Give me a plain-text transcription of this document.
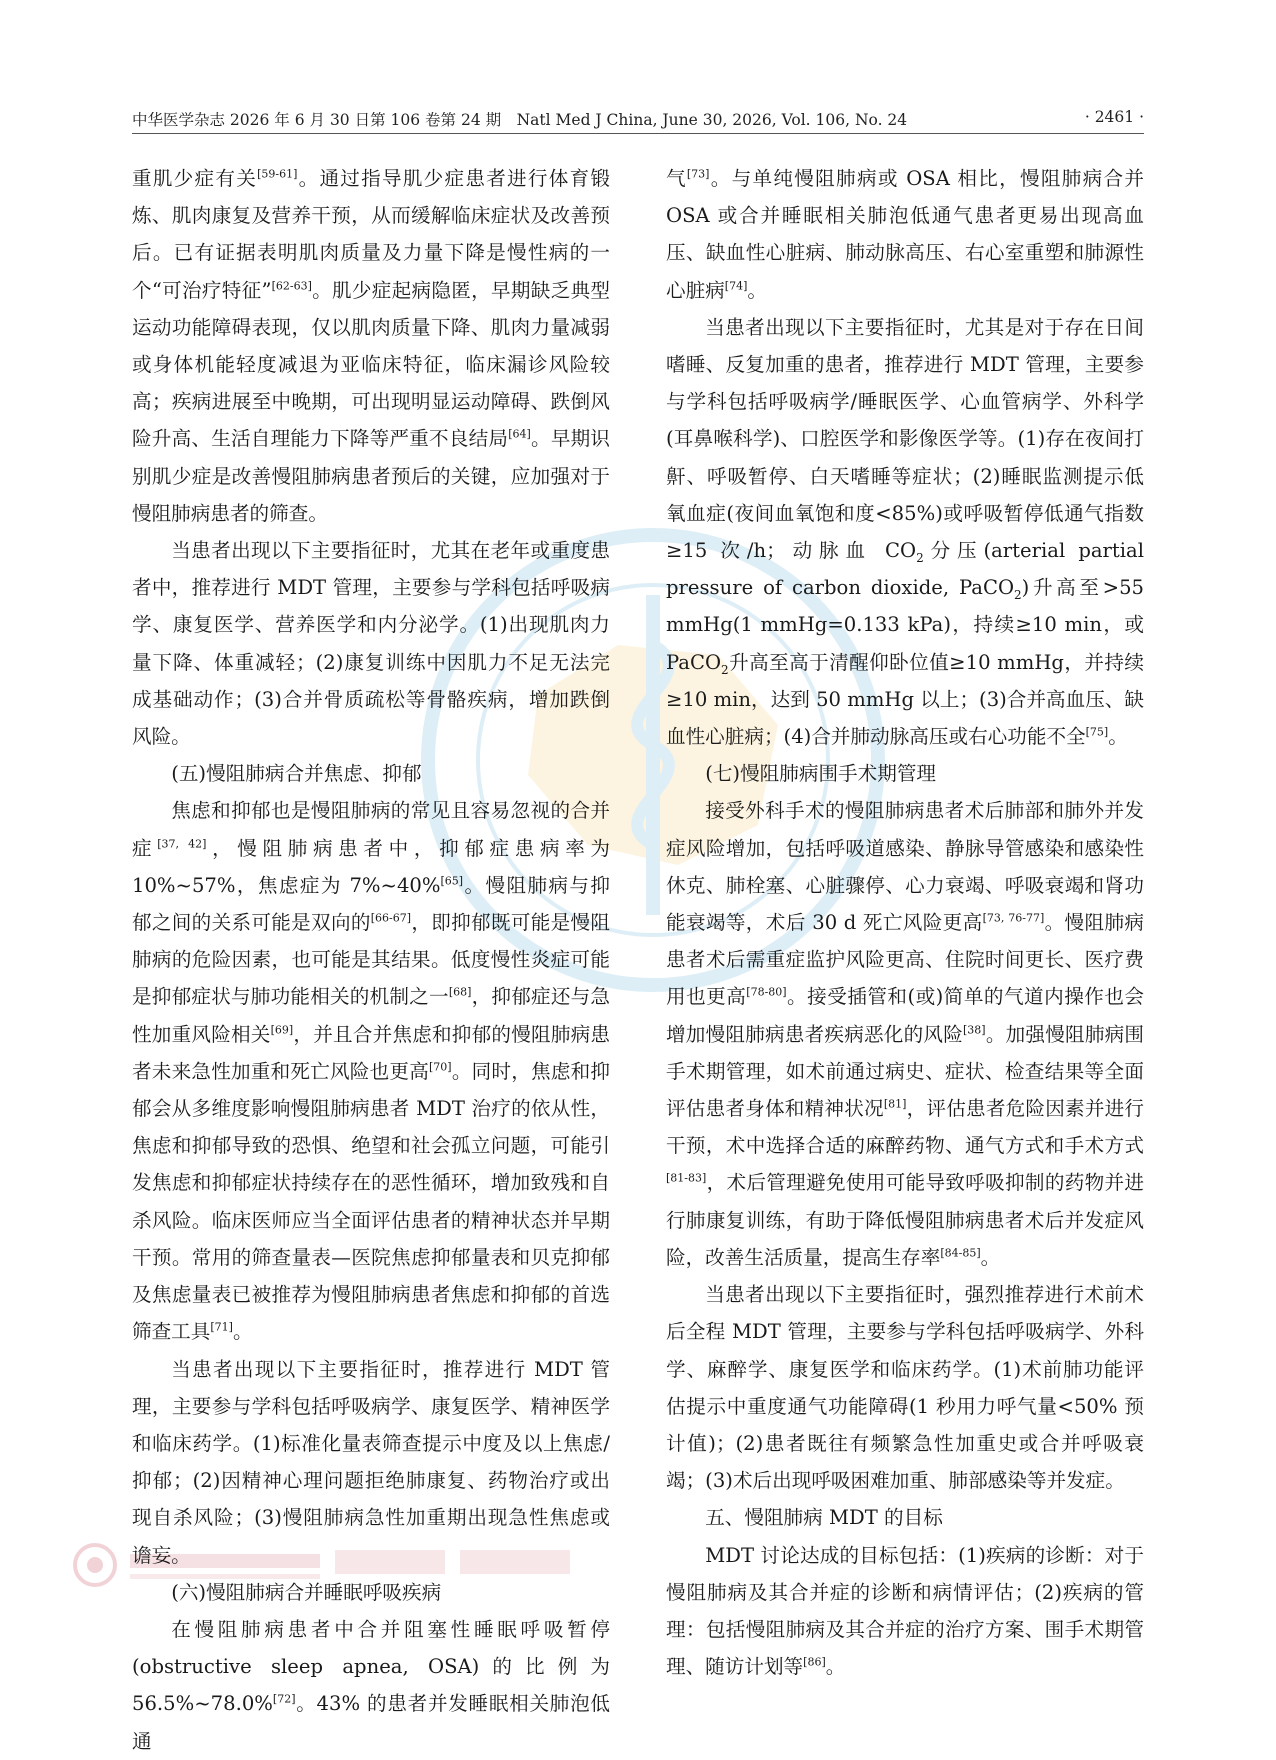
中华医学杂志 2026 年 6 月 30 日第 106 卷第 24 期　Natl Med J China, June 30, 2026, Vol. 106, No. 24	· 2461 ·

重肌少症有关[59-61]。通过指导肌少症患者进行体育锻炼、肌肉康复及营养干预，从而缓解临床症状及改善预后。已有证据表明肌肉质量及力量下降是慢性病的一个“可治疗特征”[62-63]。肌少症起病隐匿，早期缺乏典型运动功能障碍表现，仅以肌肉质量下降、肌肉力量减弱或身体机能轻度减退为亚临床特征，临床漏诊风险较高；疾病进展至中晚期，可出现明显运动障碍、跌倒风险升高、生活自理能力下降等严重不良结局[64]。早期识别肌少症是改善慢阻肺病患者预后的关键，应加强对于慢阻肺病患者的筛查。

当患者出现以下主要指征时，尤其在老年或重度患者中，推荐进行 MDT 管理，主要参与学科包括呼吸病学、康复医学、营养医学和内分泌学。(1)出现肌肉力量下降、体重减轻；(2)康复训练中因肌力不足无法完成基础动作；(3)合并骨质疏松等骨骼疾病，增加跌倒风险。

(五)慢阻肺病合并焦虑、抑郁

焦虑和抑郁也是慢阻肺病的常见且容易忽视的合并症[37, 42]，慢阻肺病患者中，抑郁症患病率为 10%~57%，焦虑症为 7%~40%[65]。慢阻肺病与抑郁之间的关系可能是双向的[66-67]，即抑郁既可能是慢阻肺病的危险因素，也可能是其结果。低度慢性炎症可能是抑郁症状与肺功能相关的机制之一[68]，抑郁症还与急性加重风险相关[69]，并且合并焦虑和抑郁的慢阻肺病患者未来急性加重和死亡风险也更高[70]。同时，焦虑和抑郁会从多维度影响慢阻肺病患者 MDT 治疗的依从性，焦虑和抑郁导致的恐惧、绝望和社会孤立问题，可能引发焦虑和抑郁症状持续存在的恶性循环，增加致残和自杀风险。临床医师应当全面评估患者的精神状态并早期干预。常用的筛查量表—医院焦虑抑郁量表和贝克抑郁及焦虑量表已被推荐为慢阻肺病患者焦虑和抑郁的首选筛查工具[71]。

当患者出现以下主要指征时，推荐进行 MDT 管理，主要参与学科包括呼吸病学、康复医学、精神医学和临床药学。(1)标准化量表筛查提示中度及以上焦虑/抑郁；(2)因精神心理问题拒绝肺康复、药物治疗或出现自杀风险；(3)慢阻肺病急性加重期出现急性焦虑或谵妄。

(六)慢阻肺病合并睡眠呼吸疾病

在慢阻肺病患者中合并阻塞性睡眠呼吸暂停(obstructive sleep apnea, OSA)的比例为 56.5%~78.0%[72]。43% 的患者并发睡眠相关肺泡低通

气[73]。与单纯慢阻肺病或 OSA 相比，慢阻肺病合并 OSA 或合并睡眠相关肺泡低通气患者更易出现高血压、缺血性心脏病、肺动脉高压、右心室重塑和肺源性心脏病[74]。

当患者出现以下主要指征时，尤其是对于存在日间嗜睡、反复加重的患者，推荐进行 MDT 管理，主要参与学科包括呼吸病学/睡眠医学、心血管病学、外科学(耳鼻喉科学)、口腔医学和影像医学等。(1)存在夜间打鼾、呼吸暂停、白天嗜睡等症状；(2)睡眠监测提示低氧血症(夜间血氧饱和度<85%)或呼吸暂停低通气指数≥15 次/h；动脉血 $CO_2$分压(arterial partial pressure of carbon dioxide, PaCO$_2$)升高至>55 mmHg(1 mmHg=0.133 kPa)，持续≥10 min，或 PaCO$_2$升高至高于清醒仰卧位值≥10 mmHg，并持续≥10 min，达到 50 mmHg 以上；(3)合并高血压、缺血性心脏病；(4)合并肺动脉高压或右心功能不全[75]。

(七)慢阻肺病围手术期管理

接受外科手术的慢阻肺病患者术后肺部和肺外并发症风险增加，包括呼吸道感染、静脉导管感染和感染性休克、肺栓塞、心脏骤停、心力衰竭、呼吸衰竭和肾功能衰竭等，术后 30 d 死亡风险更高[73, 76-77]。慢阻肺病患者术后需重症监护风险更高、住院时间更长、医疗费用也更高[78-80]。接受插管和(或)简单的气道内操作也会增加慢阻肺病患者疾病恶化的风险[38]。加强慢阻肺病围手术期管理，如术前通过病史、症状、检查结果等全面评估患者身体和精神状况[81]，评估患者危险因素并进行干预，术中选择合适的麻醉药物、通气方式和手术方式[81-83]，术后管理避免使用可能导致呼吸抑制的药物并进行肺康复训练，有助于降低慢阻肺病患者术后并发症风险，改善生活质量，提高生存率[84-85]。

当患者出现以下主要指征时，强烈推荐进行术前术后全程 MDT 管理，主要参与学科包括呼吸病学、外科学、麻醉学、康复医学和临床药学。(1)术前肺功能评估提示中重度通气功能障碍(1 秒用力呼气量<50% 预计值)；(2)患者既往有频繁急性加重史或合并呼吸衰竭；(3)术后出现呼吸困难加重、肺部感染等并发症。

五、慢阻肺病 MDT 的目标

MDT 讨论达成的目标包括：(1)疾病的诊断：对于慢阻肺病及其合并症的诊断和病情评估；(2)疾病的管理：包括慢阻肺病及其合并症的治疗方案、围手术期管理、随访计划等[86]。
